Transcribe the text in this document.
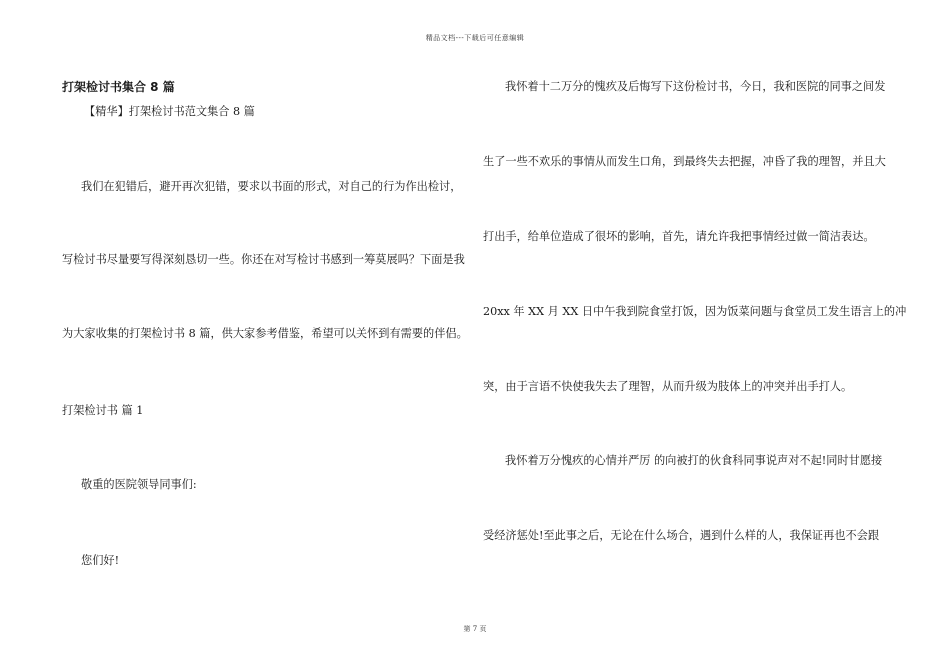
精品文档---下载后可任意编辑
打架检讨书集合 8 篇
【精华】打架检讨书范文集合 8 篇
我们在犯错后，避开再次犯错，要求以书面的形式，对自己的行为作出检讨，
写检讨书尽量要写得深刻恳切一些。你还在对写检讨书感到一筹莫展吗？下面是我
为大家收集的打架检讨书 8 篇，供大家参考借鉴，希望可以关怀到有需要的伴侣。
打架检讨书 篇 1
敬重的医院领导同事们:
您们好!
我怀着十二万分的愧疚及后悔写下这份检讨书，今日，我和医院的同事之间发
生了一些不欢乐的事情从而发生口角，到最终失去把握，冲昏了我的理智，并且大
打出手，给单位造成了很坏的影响，首先，请允许我把事情经过做一简洁表达。
20xx 年 XX 月 XX 日中午我到院食堂打饭，因为饭菜问题与食堂员工发生语言上的冲
突，由于言语不快使我失去了理智，从而升级为肢体上的冲突并出手打人。
我怀着万分愧疚的心情并严厉 的向被打的伙食科同事说声对不起!同时甘愿接
受经济惩处!至此事之后，无论在什么场合，遇到什么样的人，我保证再也不会跟
第 7 页
